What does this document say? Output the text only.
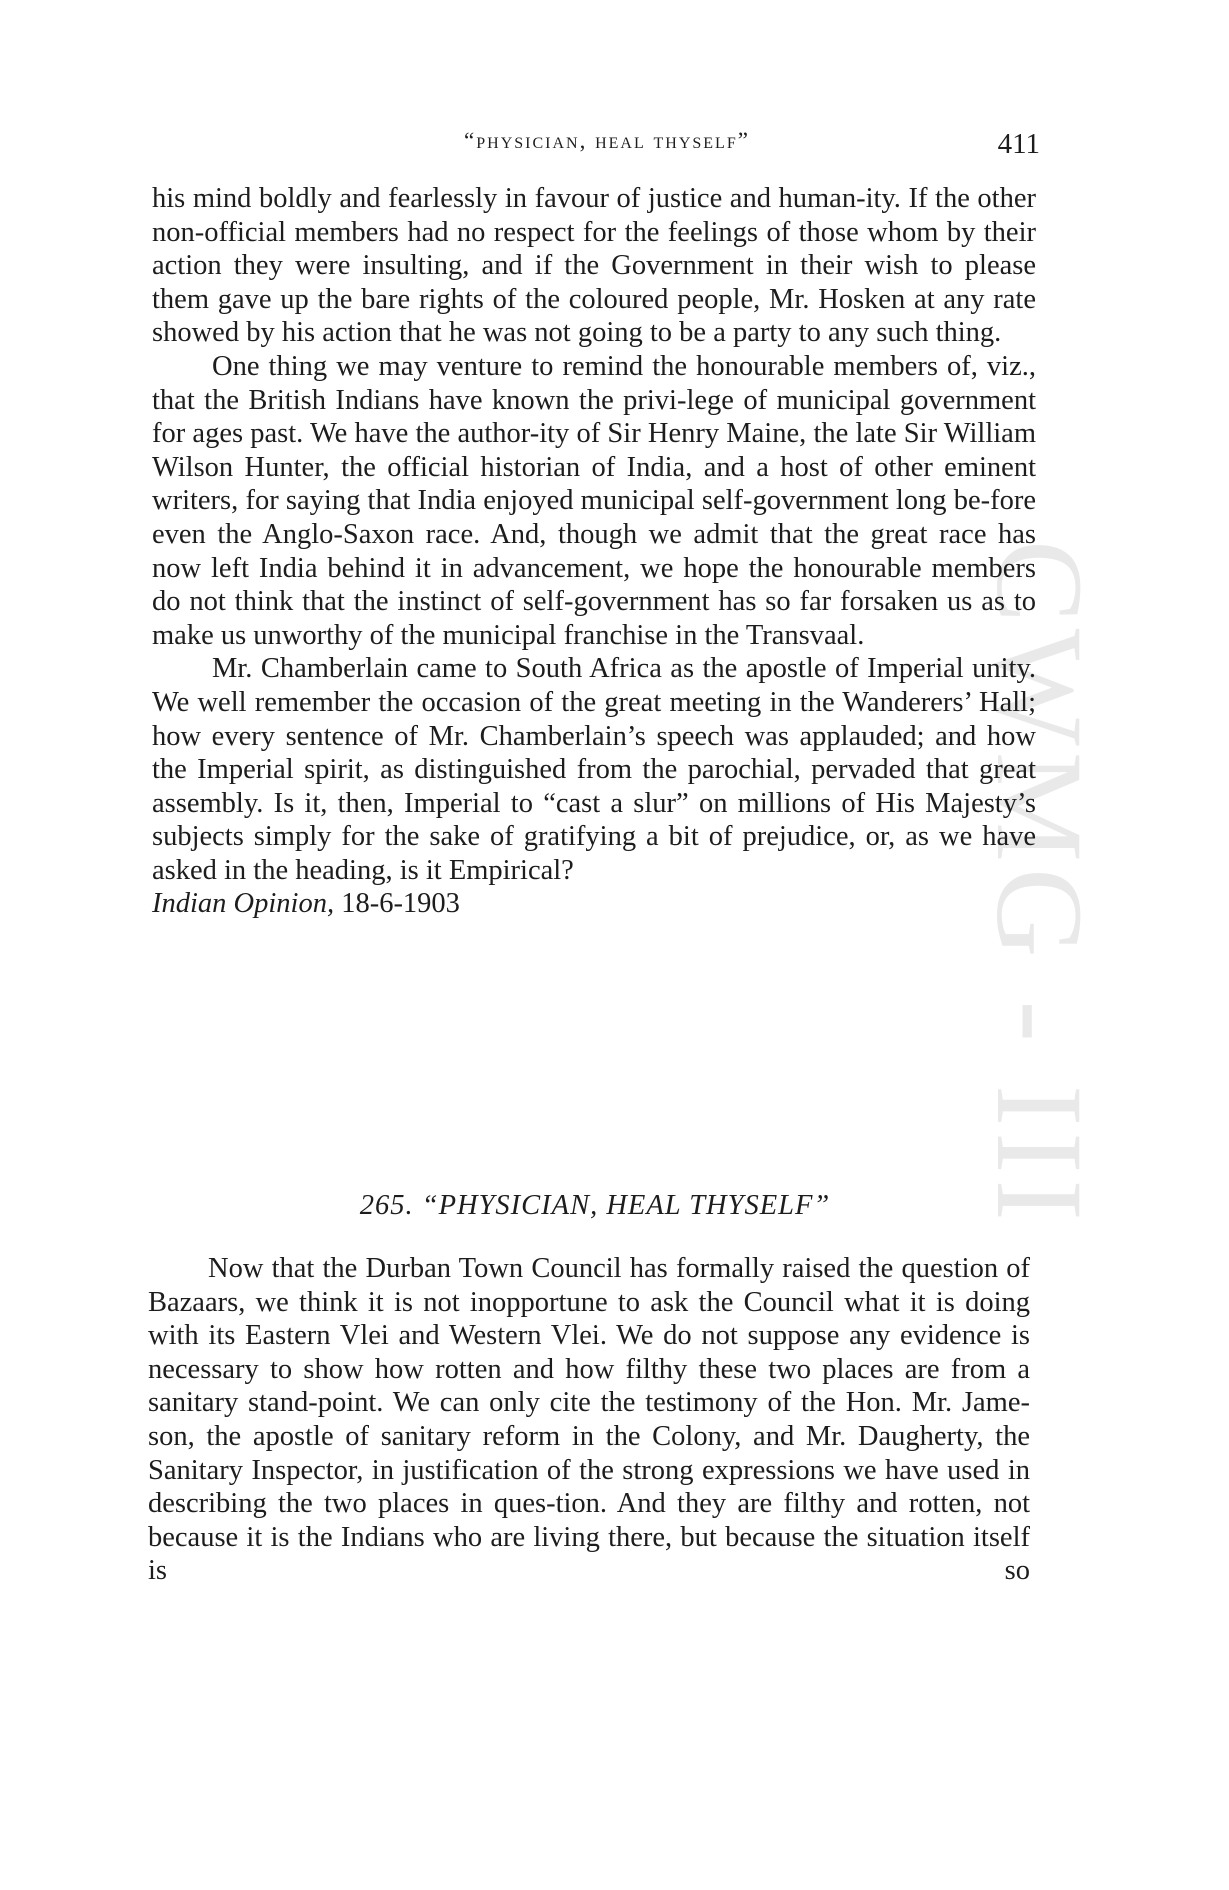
CWMG - III
“physician, heal thyself”	411

his mind boldly and fearlessly in favour of justice and human-ity. If the other non-official members had no respect for the feelings of those whom by their action they were insulting, and if the Government in their wish to please them gave up the bare rights of the coloured people, Mr. Hosken at any rate showed by his action that he was not going to be a party to any such thing.

One thing we may venture to remind the honourable members of, viz., that the British Indians have known the privi-lege of municipal government for ages past. We have the author-ity of Sir Henry Maine, the late Sir William Wilson Hunter, the official historian of India, and a host of other eminent writers, for saying that India enjoyed municipal self-government long be-fore even the Anglo-Saxon race. And, though we admit that the great race has now left India behind it in advancement, we hope the honourable members do not think that the instinct of self-government has so far forsaken us as to make us unworthy of the municipal franchise in the Transvaal.

Mr. Chamberlain came to South Africa as the apostle of Imperial unity. We well remember the occasion of the great meeting in the Wanderers’ Hall; how every sentence of Mr. Chamberlain’s speech was applauded; and how the Imperial spirit, as distinguished from the parochial, pervaded that great assembly. Is it, then, Imperial to “cast a slur” on millions of His Majesty’s subjects simply for the sake of gratifying a bit of prejudice, or, as we have asked in the heading, is it Empirical?

Indian Opinion, 18-6-1903

265. “PHYSICIAN, HEAL THYSELF”

Now that the Durban Town Council has formally raised the question of Bazaars, we think it is not inopportune to ask the Council what it is doing with its Eastern Vlei and Western Vlei. We do not suppose any evidence is necessary to show how rotten and how filthy these two places are from a sanitary stand-point. We can only cite the testimony of the Hon. Mr. Jame-son, the apostle of sanitary reform in the Colony, and Mr. Daugherty, the Sanitary Inspector, in justification of the strong expressions we have used in describing the two places in ques-tion. And they are filthy and rotten, not because it is the Indians who are living there, but because the situation itself is so
